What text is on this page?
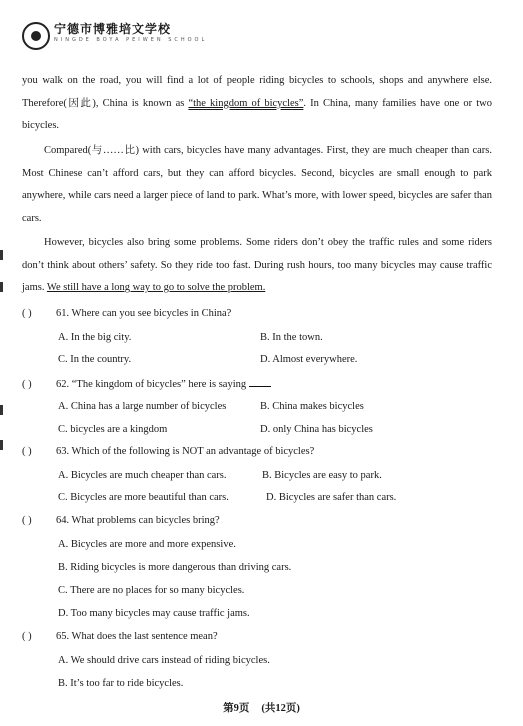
宁德市博雅培文学校
NINGDE BOYA PEIWEN SCHOOL
you walk on the road, you will find a lot of people riding bicycles to schools, shops and anywhere else. Therefore(因此), China is known as “the kingdom of bicycles”. In China, many families have one or two bicycles.
Compared(与……比) with cars, bicycles have many advantages. First, they are much cheaper than cars. Most Chinese can’t afford cars, but they can afford bicycles. Second, bicycles are small enough to park anywhere, while cars need a larger piece of land to park. What’s more, with lower speed, bicycles are safer than cars.
However, bicycles also bring some problems. Some riders don’t obey the traffic rules and some riders don’t think about others’ safety. So they ride too fast. During rush hours, too many bicycles may cause traffic jams. We still have a long way to go to solve the problem.
( ) 61. Where can you see bicycles in China?
A. In the big city.	B. In the town.
C. In the country.	D. Almost everywhere.
( ) 62. “The kingdom of bicycles” here is saying
A. China has a large number of bicycles	B. China makes bicycles
C. bicycles are a kingdom	D. only China has bicycles
( ) 63. Which of the following is NOT an advantage of bicycles?
A. Bicycles are much cheaper than cars.	B. Bicycles are easy to park.
C. Bicycles are more beautiful than cars.	D. Bicycles are safer than cars.
( ) 64. What problems can bicycles bring?
A. Bicycles are more and more expensive.
B. Riding bicycles is more dangerous than driving cars.
C. There are no places for so many bicycles.
D. Too many bicycles may cause traffic jams.
( ) 65. What does the last sentence mean?
A. We should drive cars instead of riding bicycles.
B. It’s too far to ride bicycles.
第9页 (共12页)
